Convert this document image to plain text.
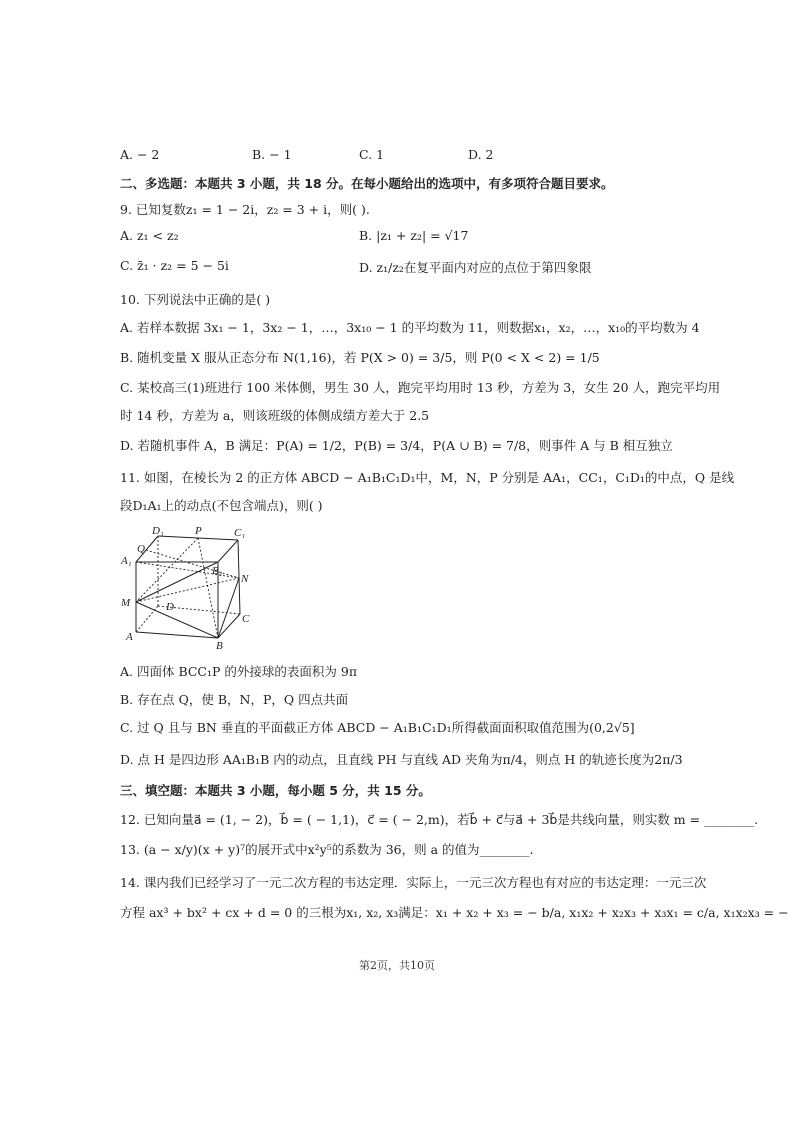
A. − 2	B. − 1	C. 1	D. 2
二、多选题：本题共 3 小题，共 18 分。在每小题给出的选项中，有多项符合题目要求。
9. 已知复数z₁ = 1 − 2i，z₂ = 3 + i，则( ).
A. z₁ < z₂	B. |z₁ + z₂| = √17
C. z̄₁ · z₂ = 5 − 5i	D. z₁/z₂在复平面内对应的点位于第四象限
10. 下列说法中正确的是( )
A. 若样本数据 3x₁ − 1，3x₂ − 1，…，3x₁₀ − 1 的平均数为 11，则数据x₁，x₂，…，x₁₀的平均数为 4
B. 随机变量 X 服从正态分布 N(1,16)，若 P(X > 0) = 3/5，则 P(0 < X < 2) = 1/5
C. 某校高三(1)班进行 100 米体侧，男生 30 人，跑完平均用时 13 秒，方差为 3，女生 20 人，跑完平均用
时 14 秒，方差为 a，则该班级的体侧成绩方差大于 2.5
D. 若随机事件 A，B 满足：P(A) = 1/2，P(B) = 3/4，P(A ∪ B) = 7/8，则事件 A 与 B 相互独立
11. 如图，在棱长为 2 的正方体 ABCD − A₁B₁C₁D₁中，M，N，P 分别是 AA₁，CC₁，C₁D₁的中点，Q 是线
段D₁A₁上的动点(不包含端点)，则( )
D₁	P	C₁
A₁
Q
B₁
N
M	D
C
A
B
A. 四面体 BCC₁P 的外接球的表面积为 9π
B. 存在点 Q，使 B，N，P，Q 四点共面
C. 过 Q 且与 BN 垂直的平面截正方体 ABCD − A₁B₁C₁D₁所得截面面积取值范围为(0,2√5]
D. 点 H 是四边形 AA₁B₁B 内的动点，且直线 PH 与直线 AD 夹角为π/4，则点 H 的轨迹长度为2π/3
三、填空题：本题共 3 小题，每小题 5 分，共 15 分。
12. 已知向量a⃗ = (1, − 2)，b⃗ = ( − 1,1)，c⃗ = ( − 2,m)，若b⃗ + c⃗与a⃗ + 3b⃗是共线向量，则实数 m = ________.
13. (a − x/y)(x + y)⁷的展开式中x²y⁵的系数为 36，则 a 的值为________.
14. 课内我们已经学习了一元二次方程的韦达定理．实际上，一元三次方程也有对应的韦达定理：一元三次
方程 ax³ + bx² + cx + d = 0 的三根为x₁, x₂, x₃满足：x₁ + x₂ + x₃ = − b/a, x₁x₂ + x₂x₃ + x₃x₁ = c/a, x₁x₂x₃ = −
第2页，共10页
